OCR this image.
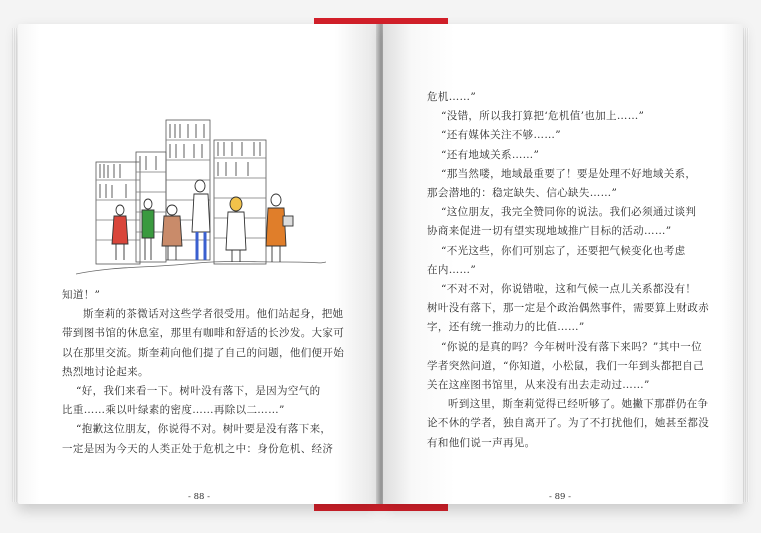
知道！”

斯奎莉的茶微话对这些学者很受用。他们站起身，把她

带到图书馆的休息室，那里有咖啡和舒适的长沙发。大家可

以在那里交流。斯奎莉向他们提了自己的问题，他们便开始

热烈地讨论起来。

“好，我们来看一下。树叶没有落下，是因为空气的

比重……乘以叶绿素的密度……再除以二……”

“抱歉这位朋友，你说得不对。树叶要是没有落下来，

一定是因为今天的人类正处于危机之中：身份危机、经济

- 88 -

危机……”

“没错，所以我打算把‘危机值’也加上……”

“还有媒体关注不够……”

“还有地域关系……”

“那当然喽，地域最重要了！要是处理不好地域关系，

那会潜地的：稳定缺失、信心缺失……”

“这位朋友，我完全赞同你的说法。我们必须通过谈判

协商来促进一切有望实现地域推广目标的活动……”

“不光这些，你们可别忘了，还要把气候变化也考虑

在内……”

“不对不对，你说错啦，这和气候一点儿关系都没有！

树叶没有落下，那一定是个政治偶然事件，需要算上财政赤

字，还有统一推动力的比值……”

“你说的是真的吗？今年树叶没有落下来吗？”其中一位

学者突然问道，“你知道，小松鼠，我们一年到头都把自己

关在这座图书馆里，从来没有出去走动过……”

听到这里，斯奎莉觉得已经听够了。她撇下那群仍在争

论不休的学者，独自离开了。为了不打扰他们，她甚至都没

有和他们说一声再见。

- 89 -
